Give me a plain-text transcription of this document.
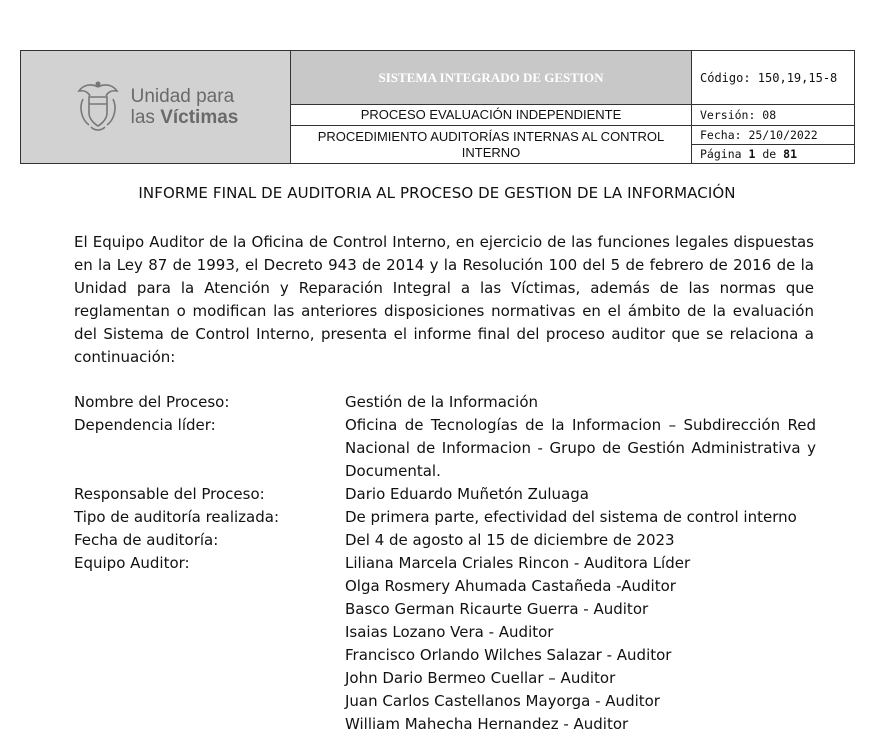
Unidad para
las Víctimas	SISTEMA INTEGRADO DE GESTION	Código: 150,19,15-8
	PROCESO EVALUACIÓN INDEPENDIENTE	Versión: 08
	PROCEDIMIENTO AUDITORÍAS INTERNAS AL CONTROL INTERNO	Fecha: 25/10/2022
Página 1 de 81
INFORME FINAL DE AUDITORIA AL PROCESO DE GESTION DE LA INFORMACIÓN
El Equipo Auditor de la Oficina de Control Interno, en ejercicio de las funciones legales dispuestas en la Ley 87 de 1993, el Decreto 943 de 2014 y la Resolución 100 del 5 de febrero de 2016 de la Unidad para la Atención y Reparación Integral a las Víctimas, además de las normas que reglamentan o modifican las anteriores disposiciones normativas en el ámbito de la evaluación del Sistema de Control Interno, presenta el informe final del proceso auditor que se relaciona a continuación:
Nombre del Proceso:	Gestión de la Información
Dependencia líder:	Oficina de Tecnologías de la Informacion – Subdirección Red Nacional de Informacion - Grupo de Gestión Administrativa y Documental.
Responsable del Proceso:	Dario Eduardo Muñetón Zuluaga
Tipo de auditoría realizada:	De primera parte, efectividad del sistema de control interno
Fecha de auditoría:	Del 4 de agosto al 15 de diciembre de 2023
Equipo Auditor:	Liliana Marcela Criales Rincon - Auditora Líder
Olga Rosmery Ahumada Castañeda -Auditor
Basco German Ricaurte Guerra - Auditor
Isaias Lozano Vera - Auditor
Francisco Orlando Wilches Salazar - Auditor
John Dario Bermeo Cuellar – Auditor
Juan Carlos Castellanos Mayorga - Auditor
William Mahecha Hernandez - Auditor
